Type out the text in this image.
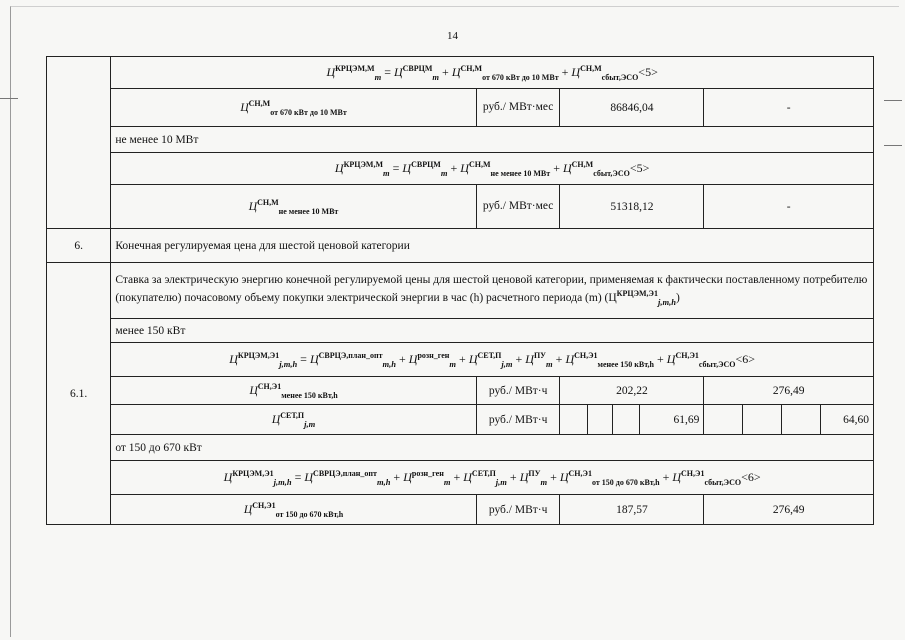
14
	$Ц^{КРЦЭМ,М}_m = Ц^{СВРЦМ}_m + Ц^{СН,М}_{от 670 кВт до 10 МВт} + Ц^{СН,М}_{сбыт,ЭСО}<5>$									
	$Ц^{СН,М}_{от 670 кВт до 10 МВт}$	руб./ МВт·мес	86846,04				-			
	не менее 10 МВт									
	$Ц^{КРЦЭМ,М}_m = Ц^{СВРЦМ}_m + Ц^{СН,М}_{не менее 10 МВт} + Ц^{СН,М}_{сбыт,ЭСО}<5>$									
	$Ц^{СН,М}_{не менее 10 МВт}$	руб./ МВт·мес	51318,12				-			
6.	Конечная регулируемая цена для шестой ценовой категории									
6.1.	Ставка за электрическую энергию конечной регулируемой цены для шестой ценовой категории, применяемая к фактически поставленному потребителю (покупателю) почасовому объему покупки электрической энергии в час (h) расчетного периода (m) $(Ц^{КРЦЭМ,Э1}_{j,m,h})$									
	менее 150 кВт									
	$Ц^{КРЦЭМ,Э1}_{j,m,h} = Ц^{СВРЦЭ,план\_опт}_{m,h} + Ц^{розн\_ген}_m + Ц^{СЕТ,П}_{j,m} + Ц^{ПУ}_m + Ц^{СН,Э1}_{менее 150 кВт,h} + Ц^{СН,Э1}_{сбыт,ЭСО}<6>$									
	$Ц^{СН,Э1}_{менее 150 кВт,h}$	руб./ МВт·ч	202,22				276,49			
	$Ц^{СЕТ,П}_{j,m}$	руб./ МВт·ч				61,69				64,60
	от 150 до 670 кВт									
	$Ц^{КРЦЭМ,Э1}_{j,m,h} = Ц^{СВРЦЭ,план\_опт}_{m,h} + Ц^{розн\_ген}_m + Ц^{СЕТ,П}_{j,m} + Ц^{ПУ}_m + Ц^{СН,Э1}_{от 150 до 670 кВт,h} + Ц^{СН,Э1}_{сбыт,ЭСО}<6>$									
	$Ц^{СН,Э1}_{от 150 до 670 кВт,h}$	руб./ МВт·ч	187,57				276,49			
